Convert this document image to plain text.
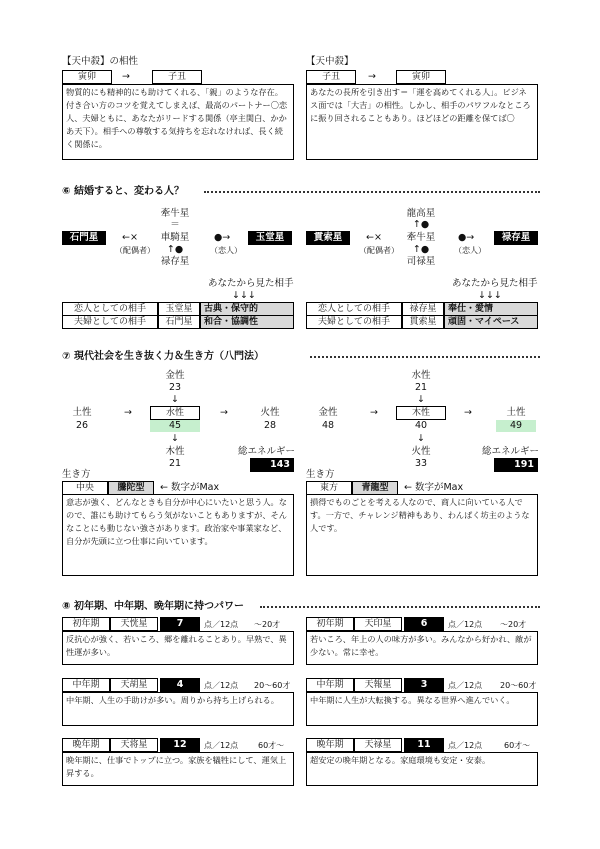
【天中殺】の相性
寅卯	→	子丑
物質的にも精神的にも助けてくれる、「親」のような存在。付き合い方のコツを覚えてしまえば、最高のパートナー〇恋人、夫婦ともに、あなたがリードする関係（亭主関白、かかあ天下）。相手への尊敬する気持ちを忘れなければ、長く続く関係に。
【天中殺】
子丑	→	寅卯
あなたの長所を引き出す＝「運を高めてくれる人」。ビジネス面では「大吉」の相性。しかし、相手のパワフルなところに振り回されることもあり。ほどほどの距離を保てば〇
⑥ 結婚すると、変わる人？
牽牛星
＝
石門星	←×	車騎星	●→	玉堂星
（配偶者）	↑●	（恋人）
禄存星
あなたから見た相手
↓↓↓
恋人としての相手	玉堂星	古典・保守的
夫婦としての相手	石門星	和合・協調性
龍高星
↑●
貫索星	←×	牽牛星	●→	禄存星
（配偶者）	↑●	（恋人）
司禄星
あなたから見た相手
↓↓↓
恋人としての相手	禄存星	奉仕・愛情
夫婦としての相手	貫索星	頑固・マイペース
⑦ 現代社会を生き抜く力＆生き方（八門法）
金性
23
↓
土性	→	水性	→	火性
26	45	28
↓
木性	総エネルギー
21	143
生き方
中央	騰陀型	← 数字がMax
意志が強く、どんなときも自分が中心にいたいと思う人。なので、誰にも助けてもらう気がないこともありますが、そんなことにも動じない強さがあります。政治家や事業家など、自分が先頭に立つ仕事に向いています。
水性
21
↓
金性	→	木性	→	土性
48	40	49
↓
火性	総エネルギー
33	191
生き方
東方	青龍型	← 数字がMax
損得でものごとを考える人なので、商人に向いている人です。一方で、チャレンジ精神もあり、わんぱく坊主のような人です。
⑧ 初年期、中年期、晩年期に持つパワー
初年期	天恍星	7	点／12点 ～20才
反抗心が強く、若いころ、郷を離れることあり。早熟で、異性運が多い。
初年期	天印星	6	点／12点 ～20才
若いころ、年上の人の味方が多い。みんなから好かれ、敵が少ない。常に幸せ。
中年期	天胡星	4	点／12点 20～60才
中年期、人生の手助けが多い。周りから持ち上げられる。
中年期	天報星	3	点／12点 20～60才
中年期に人生が大転換する。異なる世界へ進んでいく。
晩年期	天将星	12	点／12点 60才～
晩年期に、仕事でトップに立つ。家族を犠牲にして、運気上昇する。
晩年期	天禄星	11	点／12点	60才～
超安定の晩年期となる。家庭環境も安定・安泰。
